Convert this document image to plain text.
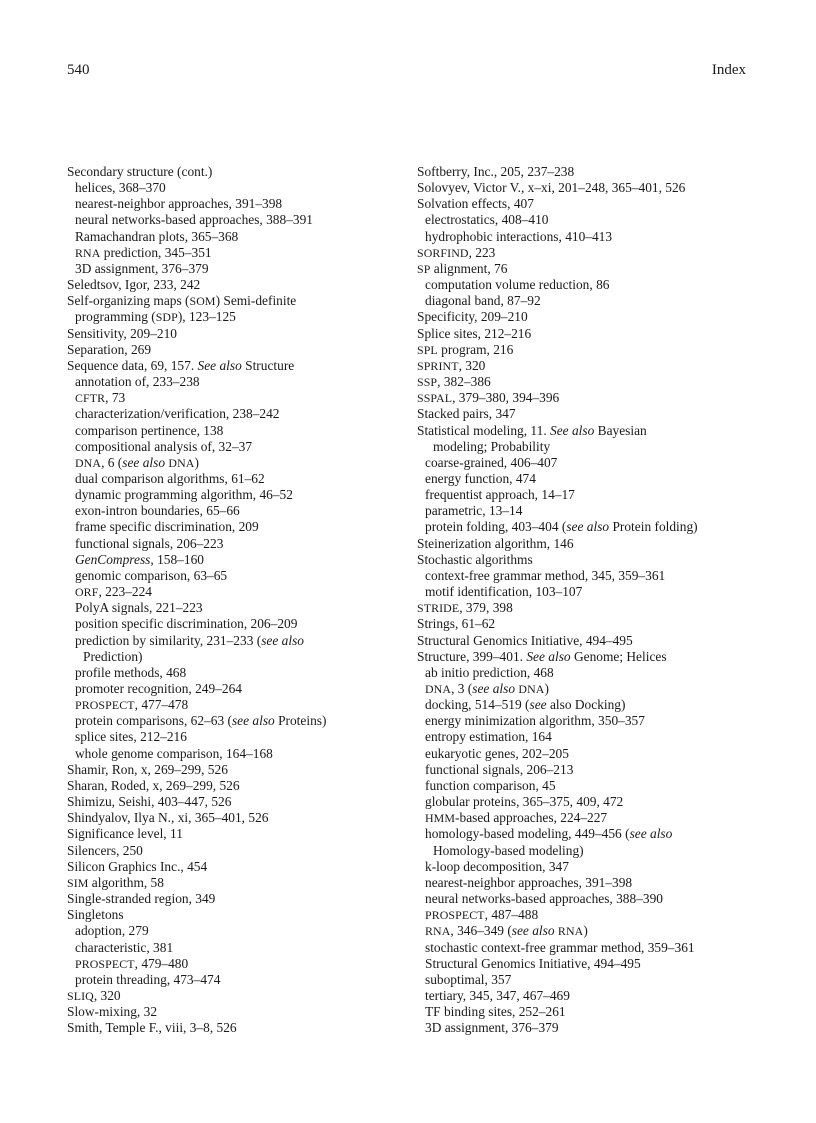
540	Index
Secondary structure (cont.)
helices, 368–370
nearest-neighbor approaches, 391–398
neural networks-based approaches, 388–391
Ramachandran plots, 365–368
RNA prediction, 345–351
3D assignment, 376–379
Seledtsov, Igor, 233, 242
Self-organizing maps (SOM) Semi-definite
programming (SDP), 123–125
Sensitivity, 209–210
Separation, 269
Sequence data, 69, 157. See also Structure
annotation of, 233–238
CFTR, 73
characterization/verification, 238–242
comparison pertinence, 138
compositional analysis of, 32–37
DNA, 6 (see also DNA)
dual comparison algorithms, 61–62
dynamic programming algorithm, 46–52
exon-intron boundaries, 65–66
frame specific discrimination, 209
functional signals, 206–223
GenCompress, 158–160
genomic comparison, 63–65
ORF, 223–224
PolyA signals, 221–223
position specific discrimination, 206–209
prediction by similarity, 231–233 (see also
Prediction)
profile methods, 468
promoter recognition, 249–264
PROSPECT, 477–478
protein comparisons, 62–63 (see also Proteins)
splice sites, 212–216
whole genome comparison, 164–168
Shamir, Ron, x, 269–299, 526
Sharan, Roded, x, 269–299, 526
Shimizu, Seishi, 403–447, 526
Shindyalov, Ilya N., xi, 365–401, 526
Significance level, 11
Silencers, 250
Silicon Graphics Inc., 454
SIM algorithm, 58
Single-stranded region, 349
Singletons
adoption, 279
characteristic, 381
PROSPECT, 479–480
protein threading, 473–474
SLIQ, 320
Slow-mixing, 32
Smith, Temple F., viii, 3–8, 526
Softberry, Inc., 205, 237–238
Solovyev, Victor V., x–xi, 201–248, 365–401, 526
Solvation effects, 407
electrostatics, 408–410
hydrophobic interactions, 410–413
SORFIND, 223
SP alignment, 76
computation volume reduction, 86
diagonal band, 87–92
Specificity, 209–210
Splice sites, 212–216
SPL program, 216
SPRINT, 320
SSP, 382–386
SSPAL, 379–380, 394–396
Stacked pairs, 347
Statistical modeling, 11. See also Bayesian
modeling; Probability
coarse-grained, 406–407
energy function, 474
frequentist approach, 14–17
parametric, 13–14
protein folding, 403–404 (see also Protein folding)
Steinerization algorithm, 146
Stochastic algorithms
context-free grammar method, 345, 359–361
motif identification, 103–107
STRIDE, 379, 398
Strings, 61–62
Structural Genomics Initiative, 494–495
Structure, 399–401. See also Genome; Helices
ab initio prediction, 468
DNA, 3 (see also DNA)
docking, 514–519 (see also Docking)
energy minimization algorithm, 350–357
entropy estimation, 164
eukaryotic genes, 202–205
functional signals, 206–213
function comparison, 45
globular proteins, 365–375, 409, 472
HMM-based approaches, 224–227
homology-based modeling, 449–456 (see also
Homology-based modeling)
k-loop decomposition, 347
nearest-neighbor approaches, 391–398
neural networks-based approaches, 388–390
PROSPECT, 487–488
RNA, 346–349 (see also RNA)
stochastic context-free grammar method, 359–361
Structural Genomics Initiative, 494–495
suboptimal, 357
tertiary, 345, 347, 467–469
TF binding sites, 252–261
3D assignment, 376–379
